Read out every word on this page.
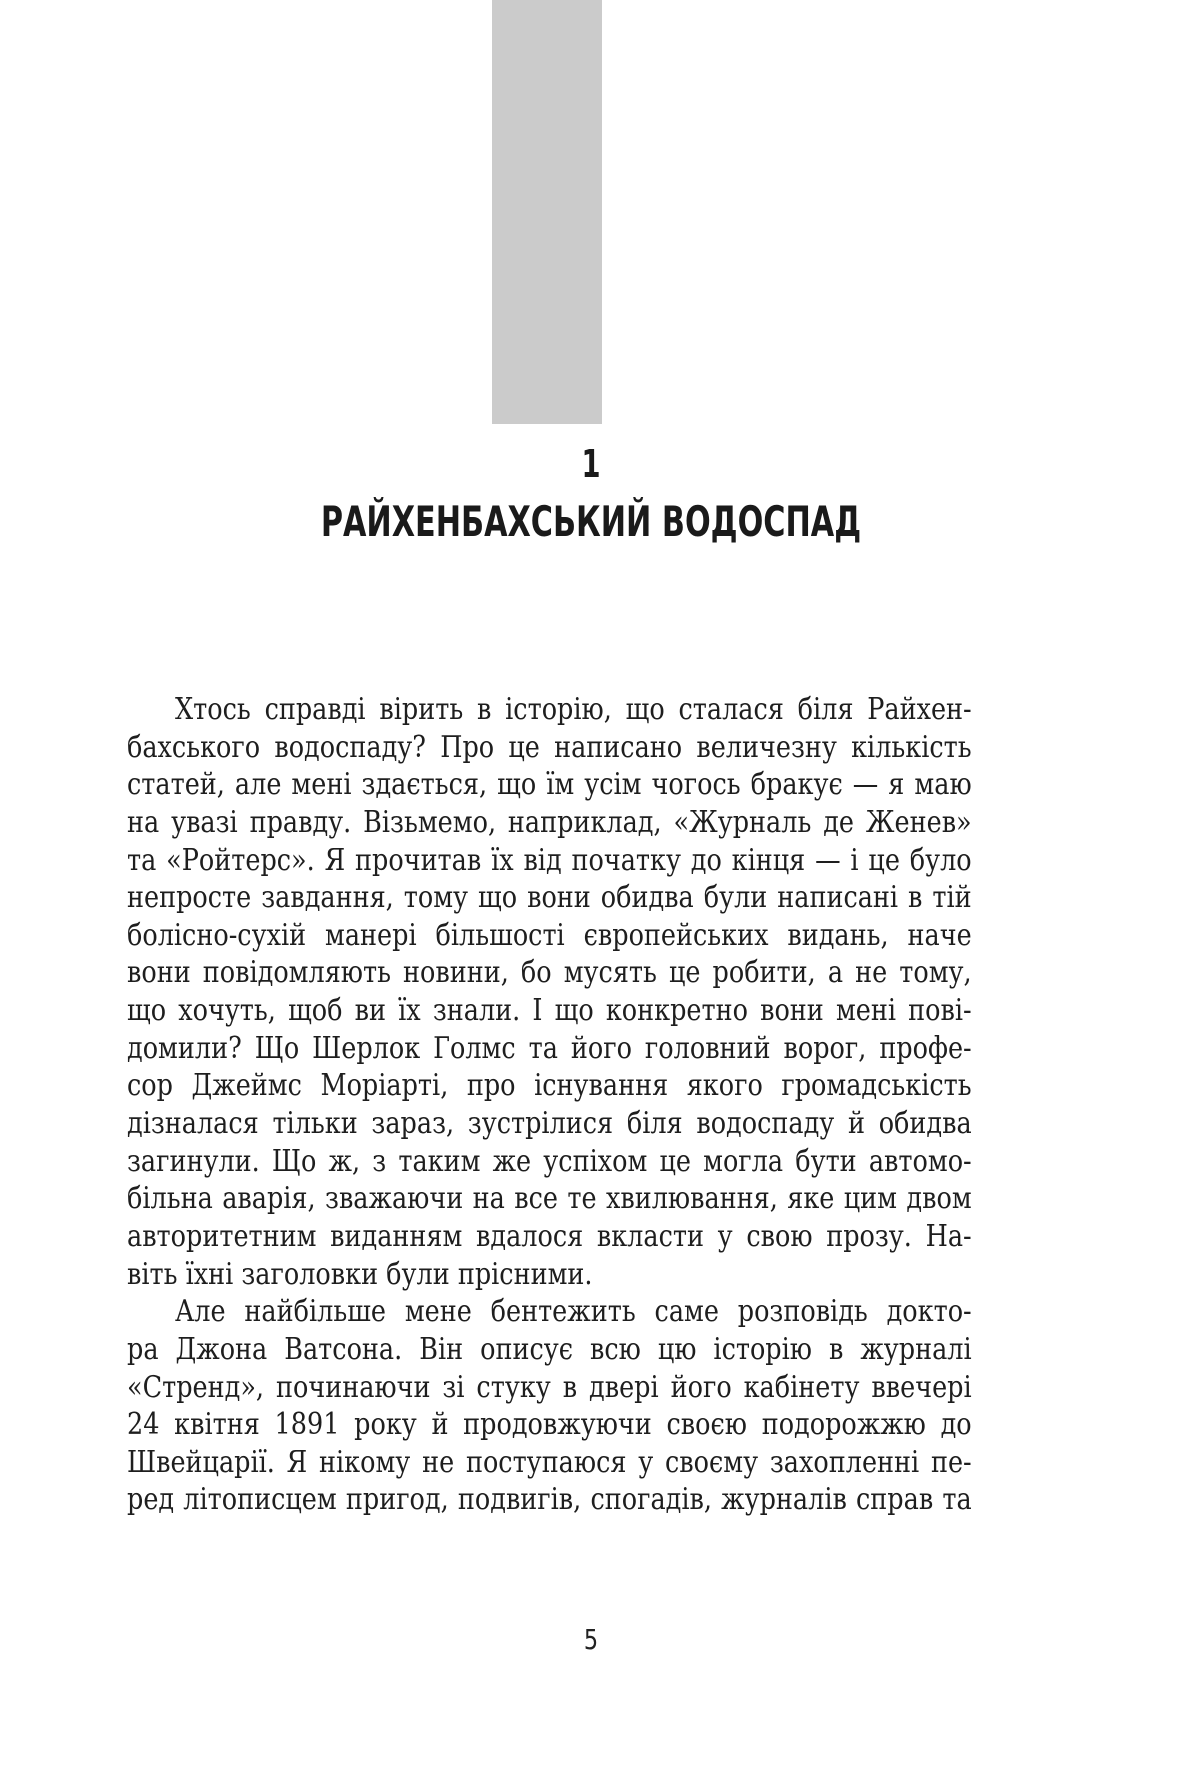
1
РАЙХЕНБАХСЬКИЙ ВОДОСПАД
Хтось справді вірить в історію, що сталася біля Райхен-
бахського водоспаду? Про це написано величезну кількість
статей, але мені здається, що їм усім чогось бракує — я маю
на увазі правду. Візьмемо, наприклад, «Журналь де Женев»
та «Ройтерс». Я прочитав їх від початку до кінця — і це було
непросте завдання, тому що вони обидва були написані в тій
болісно-сухій манері більшості європейських видань, наче
вони повідомляють новини, бо мусять це робити, а не тому,
що хочуть, щоб ви їх знали. І що конкретно вони мені пові-
домили? Що Шерлок Голмс та його головний ворог, профе-
сор Джеймс Моріарті, про існування якого громадськість
дізналася тільки зараз, зустрілися біля водоспаду й обидва
загинули. Що ж, з таким же успіхом це могла бути автомо-
більна аварія, зважаючи на все те хвилювання, яке цим двом
авторитетним виданням вдалося вкласти у свою прозу. На-
віть їхні заголовки були прісними.
Але найбільше мене бентежить саме розповідь доктo-
ра Джона Ватсона. Він описує всю цю історію в журналі
«Стренд», починаючи зі стуку в двері його кабінету ввечері
24 квітня 1891 року й продовжуючи своєю подорожжю до
Швейцарії. Я нікому не поступаюся у своєму захопленні пе-
ред літописцем пригод, подвигів, спогадів, журналів справ та
5
